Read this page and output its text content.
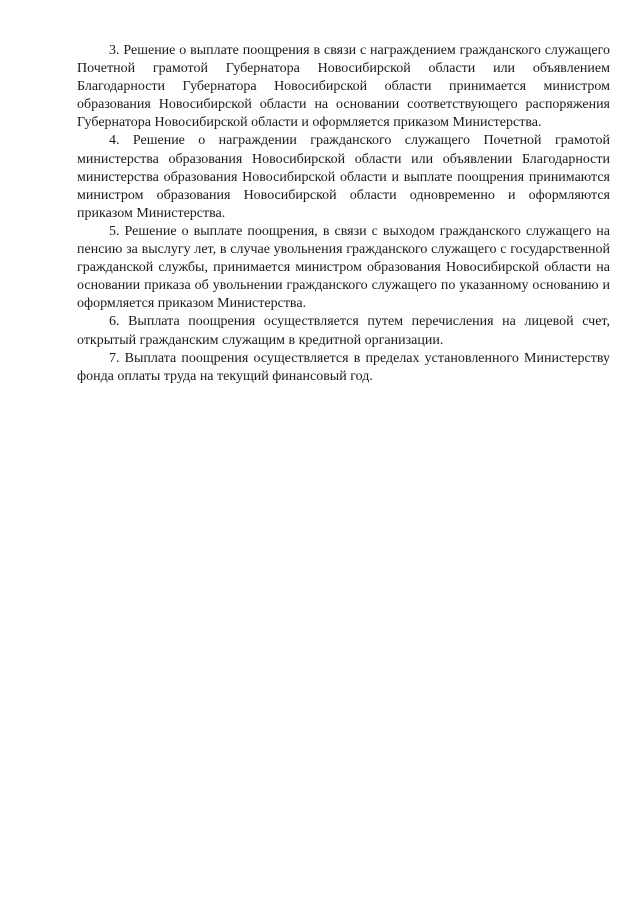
3. Решение о выплате поощрения в связи с награждением гражданского служащего Почетной грамотой Губернатора Новосибирской области или объявлением Благодарности Губернатора Новосибирской области принимается министром образования Новосибирской области на основании соответствующего распоряжения Губернатора Новосибирской области и оформляется приказом Министерства.

4. Решение о награждении гражданского служащего Почетной грамотой министерства образования Новосибирской области или объявлении Благодарности министерства образования Новосибирской области и выплате поощрения принимаются министром образования Новосибирской области одновременно и оформляются приказом Министерства.

5. Решение о выплате поощрения, в связи с выходом гражданского служащего на пенсию за выслугу лет, в случае увольнения гражданского служащего с государственной гражданской службы, принимается министром образования Новосибирской области на основании приказа об увольнении гражданского служащего по указанному основанию и оформляется приказом Министерства.

6. Выплата поощрения осуществляется путем перечисления на лицевой счет, открытый гражданским служащим в кредитной организации.

7. Выплата поощрения осуществляется в пределах установленного Министерству фонда оплаты труда на текущий финансовый год.
